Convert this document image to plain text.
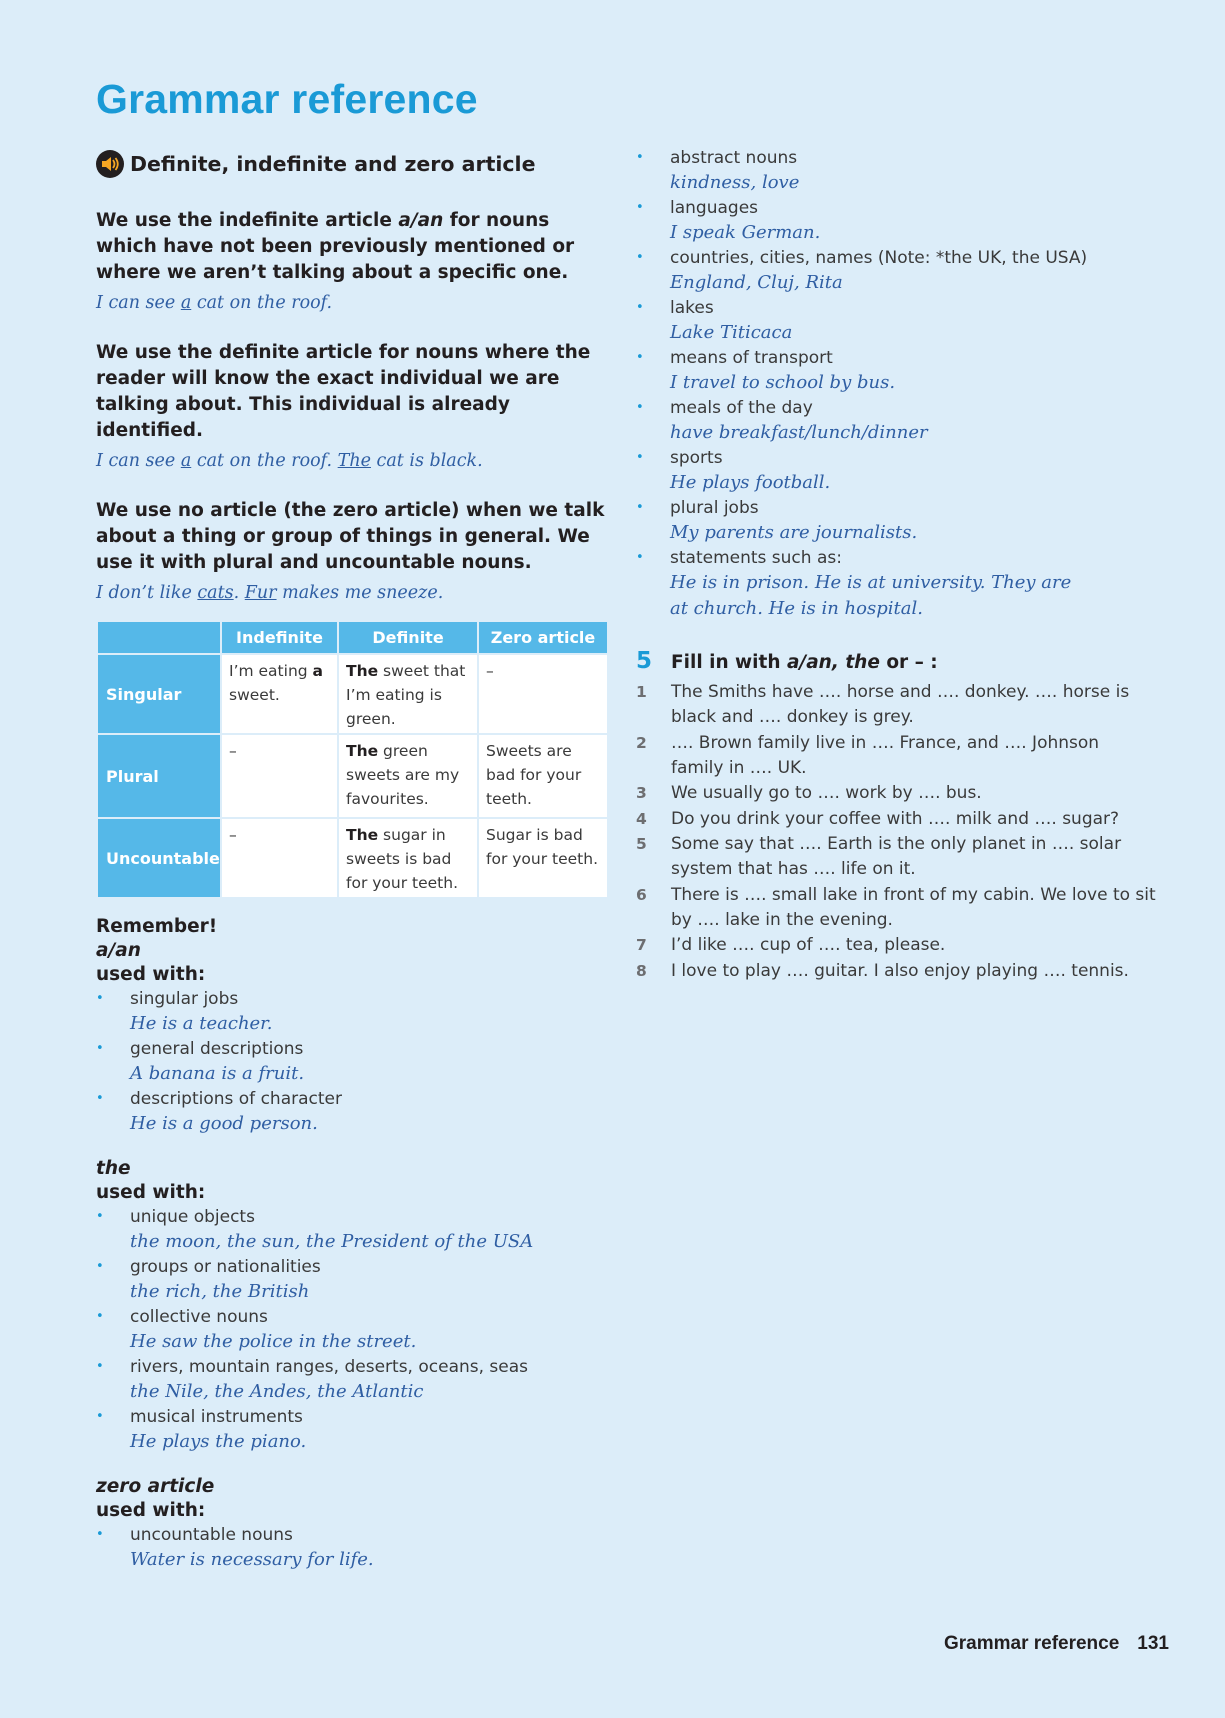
Grammar reference
Definite, indefinite and zero article

We use the indefinite article a/an for nouns which have not been previously mentioned or where we aren’t talking about a specific one.

I can see a cat on the roof.

We use the definite article for nouns where the reader will know the exact individual we are talking about. This individual is already identified.

I can see a cat on the roof. The cat is black.

We use no article (the zero article) when we talk about a thing or group of things in general. We use it with plural and uncountable nouns.

I don’t like cats. Fur makes me sneeze.

	Indefinite	Definite	Zero article
Singular	I’m eating a sweet.	The sweet that I’m eating is green.	–
Plural	–	The green sweets are my favourites.	Sweets are bad for your teeth.
Uncountable	–	The sugar in sweets is bad for your teeth.	Sugar is bad for your teeth.

Remember!

a/an

used with:

• singular jobs
He is a teacher.
• general descriptions
A banana is a fruit.
• descriptions of character
He is a good person.

the

used with:

• unique objects
the moon, the sun, the President of the USA
• groups or nationalities
the rich, the British
• collective nouns
He saw the police in the street.
• rivers, mountain ranges, deserts, oceans, seas
the Nile, the Andes, the Atlantic
• musical instruments
He plays the piano.

zero article

used with:

• uncountable nouns
Water is necessary for life.
• abstract nouns
kindness, love
• languages
I speak German.
• countries, cities, names (Note: *the UK, the USA)
England, Cluj, Rita
• lakes
Lake Titicaca
• means of transport
I travel to school by bus.
• meals of the day
have breakfast/lunch/dinner
• sports
He plays football.
• plural jobs
My parents are journalists.
• statements such as:
He is in prison. He is at university. They are at church. He is in hospital.
5	Fill in with a/an, the or – :
1	The Smiths have …. horse and …. donkey. …. horse is black and …. donkey is grey.
2	…. Brown family live in …. France, and …. Johnson family in …. UK.
3	We usually go to …. work by …. bus.
4	Do you drink your coffee with …. milk and …. sugar?
5	Some say that …. Earth is the only planet in …. solar system that has …. life on it.
6	There is …. small lake in front of my cabin. We love to sit by …. lake in the evening.
7	I’d like …. cup of …. tea, please.
8	I love to play …. guitar. I also enjoy playing …. tennis.
Grammar reference 131
